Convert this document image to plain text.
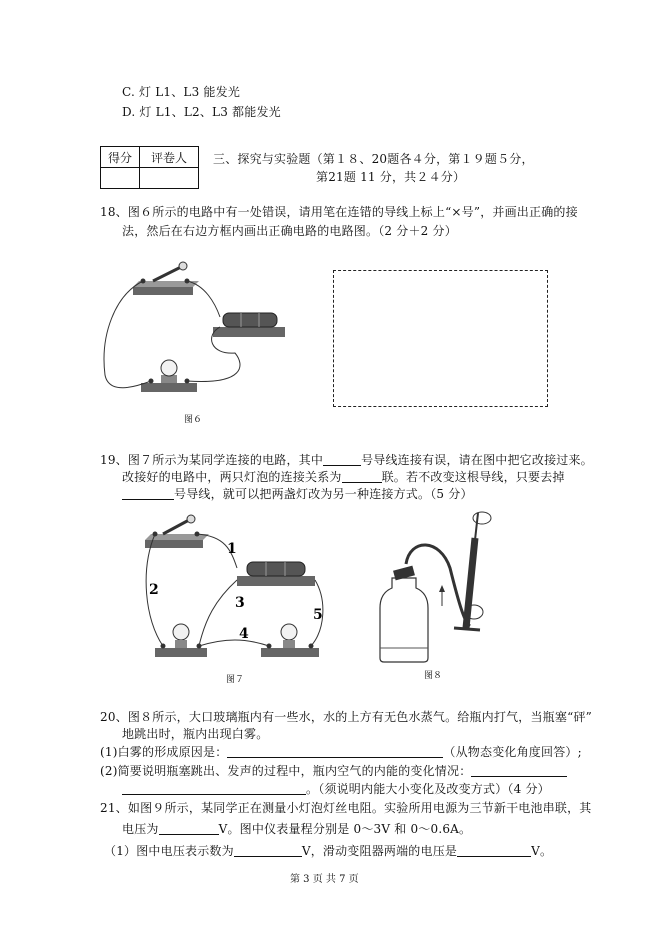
C. 灯 L1、L3 能发光
D. 灯 L1、L2、L3 都能发光
得分	评卷人
	三、探究与实验题（第１８、20题各４分，第１９题５分，
第21题 11 分，共２４分）
18、图６所示的电路中有一处错误，请用笔在连错的导线上标上“×号”，并画出正确的接
法，然后在右边方框内画出正确电路的电路图。（2 分＋2 分）
图６
19、图７所示为某同学连接的电路，其中	号导线连接有误，请在图中把它改接过来。
改接好的电路中，两只灯泡的连接关系为	联。若不改变这根导线，只要去掉
号导线，就可以把两盏灯改为另一种连接方式。（5 分）
1
2
3
4
5
图７	图８
20、图８所示，大口玻璃瓶内有一些水，水的上方有无色水蒸气。给瓶内打气，当瓶塞“砰”
地跳出时，瓶内出现白雾。
(1)白雾的形成原因是：	（从物态变化角度回答）;
(2)简要说明瓶塞跳出、发声的过程中，瓶内空气的内能的变化情况：
。（须说明内能大小变化及改变方式）（4 分）
21、如图９所示，某同学正在测量小灯泡灯丝电阻。实验所用电源为三节新干电池串联，其
电压为	V。图中仪表量程分别是 0～3V 和 0～0.6A。
（1）图中电压表示数为	V，滑动变阻器两端的电压是	V。
第 3 页 共 7 页
